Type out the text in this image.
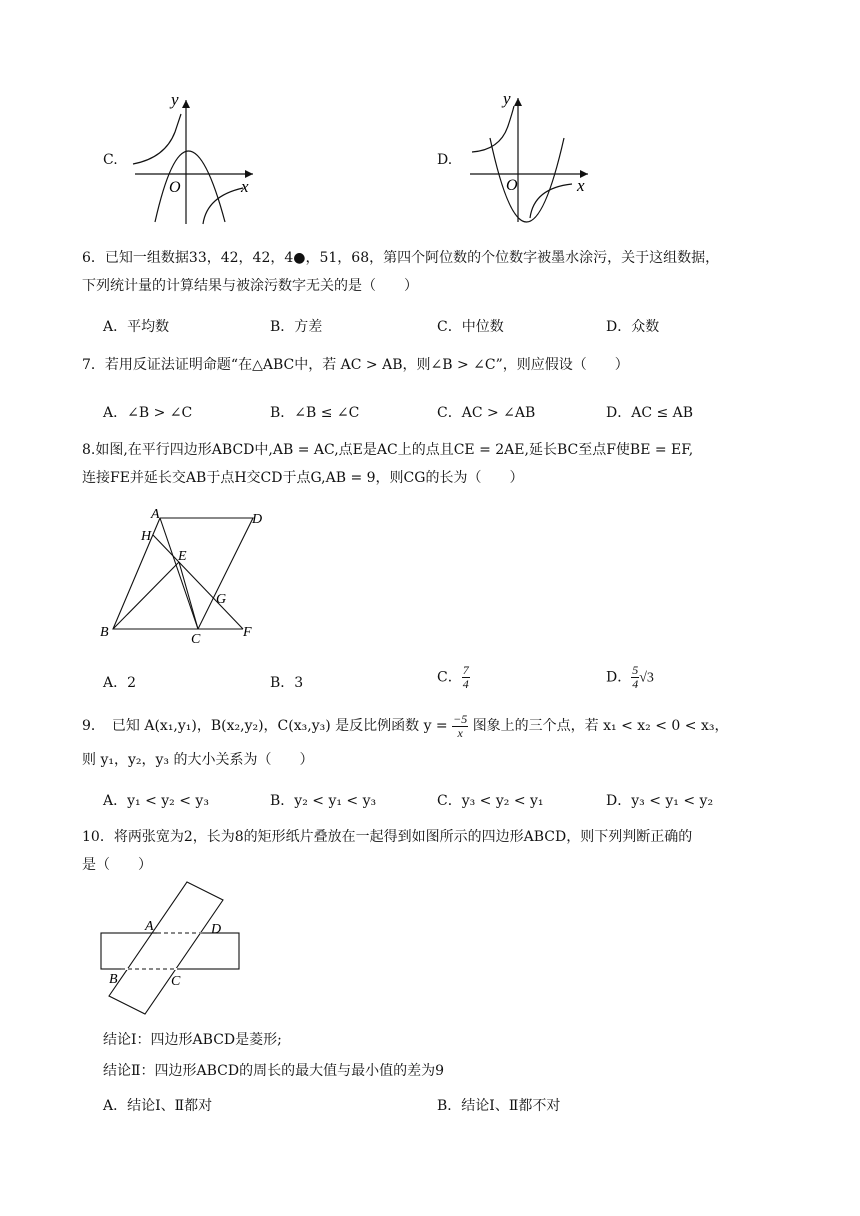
C.
y
x
O
D.
y
x
O
6．已知一组数据33，42，42，4●，51，68，第四个阿位数的个位数字被墨水涂污，关于这组数据，
下列统计量的计算结果与被涂污数字无关的是（　　）
A．平均数	B．方差	C．中位数	D．众数
7．若用反证法证明命题“在△ABC中，若 AC > AB，则∠B > ∠C”，则应假设（　　）
A．∠B > ∠C	B．∠B ≤ ∠C	C．AC > ∠AB	D．AC ≤ AB
8.如图,在平行四边形ABCD中,AB = AC,点E是AC上的点且CE = 2AE,延长BC至点F使BE = EF,
连接FE并延长交AB于点H交CD于点G,AB = 9，则CG的长为（　　）
A	D
H
E
G
B	C	F
A．2	B．3	C． $\frac{7}{4}$	D． $\frac{5}{4} √3$
9．　已知 A(x₁,y₁)，B(x₂,y₂)，C(x₃,y₃) 是反比例函数 $y = \frac{-5}{x}$ 图象上的三个点，若 x₁ < x₂ < 0 < x₃，
则 y₁，y₂，y₃ 的大小关系为（　　）
A．y₁ < y₂ < y₃	B．y₂ < y₁ < y₃	C．y₃ < y₂ < y₁	D．y₃ < y₁ < y₂
10．将两张宽为2，长为8的矩形纸片叠放在一起得到如图所示的四边形ABCD，则下列判断正确的
是（　　）
A	D
B	C
结论Ⅰ：四边形ABCD是菱形;
结论Ⅱ：四边形ABCD的周长的最大值与最小值的差为9
A．结论Ⅰ、Ⅱ都对	B．结论Ⅰ、Ⅱ都不对
